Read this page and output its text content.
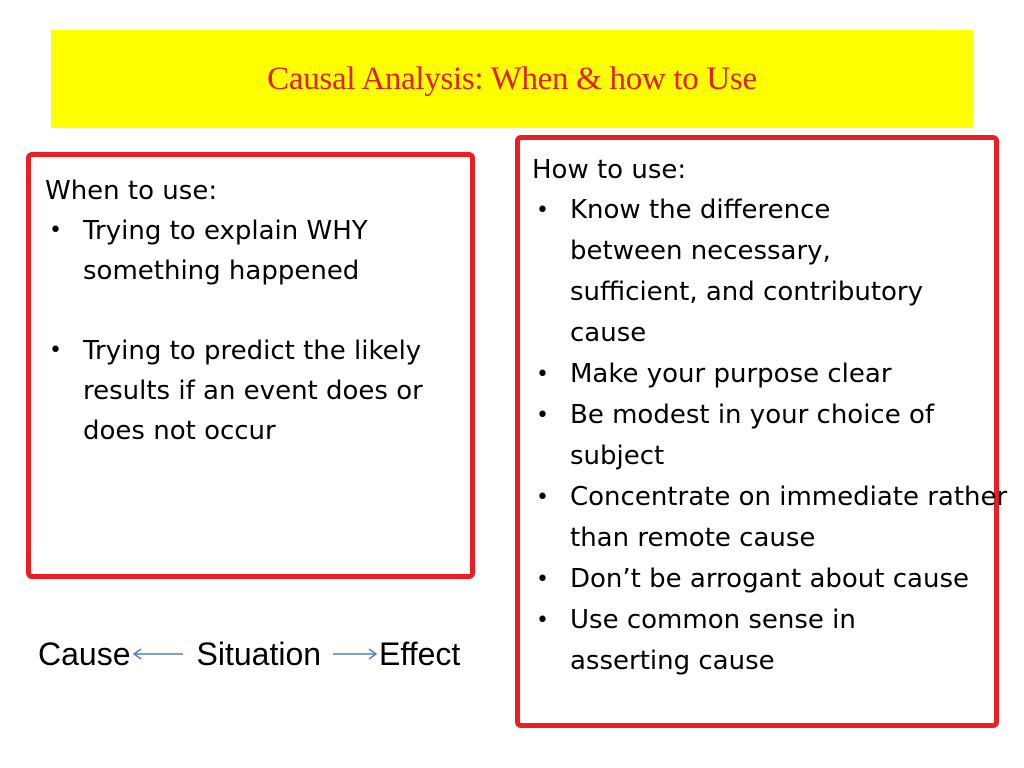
Causal Analysis: When & how to Use
When to use:
• Trying to explain WHY something happened
• Trying to predict the likely results if an event does or does not occur
How to use:
• Know the difference between necessary, sufficient, and contributory cause
• Make your purpose clear
• Be modest in your choice of subject
• Concentrate on immediate rather than remote cause
• Don’t be arrogant about cause
• Use common sense in asserting cause
Cause Situation Effect
